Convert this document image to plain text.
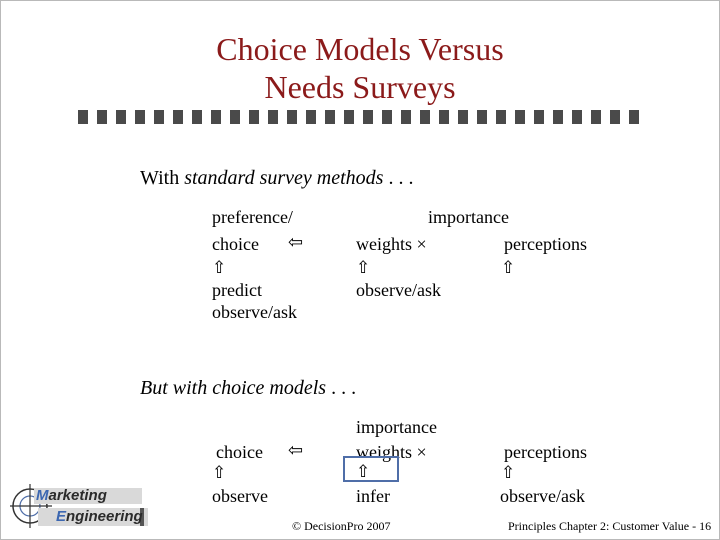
Choice Models Versus
Needs Surveys
With standard survey methods . . .
preference/
choice ⇦
⇧
predict
observe/ask
importance
weights ×
⇧
observe/ask
perceptions
⇧
But with choice models . . .
choice ⇦
⇧
observe
importance
weights ×
⇧
infer
perceptions
⇧
observe/ask
Marketing
Engineering
© DecisionPro 2007	Principles Chapter 2: Customer Value - 16
